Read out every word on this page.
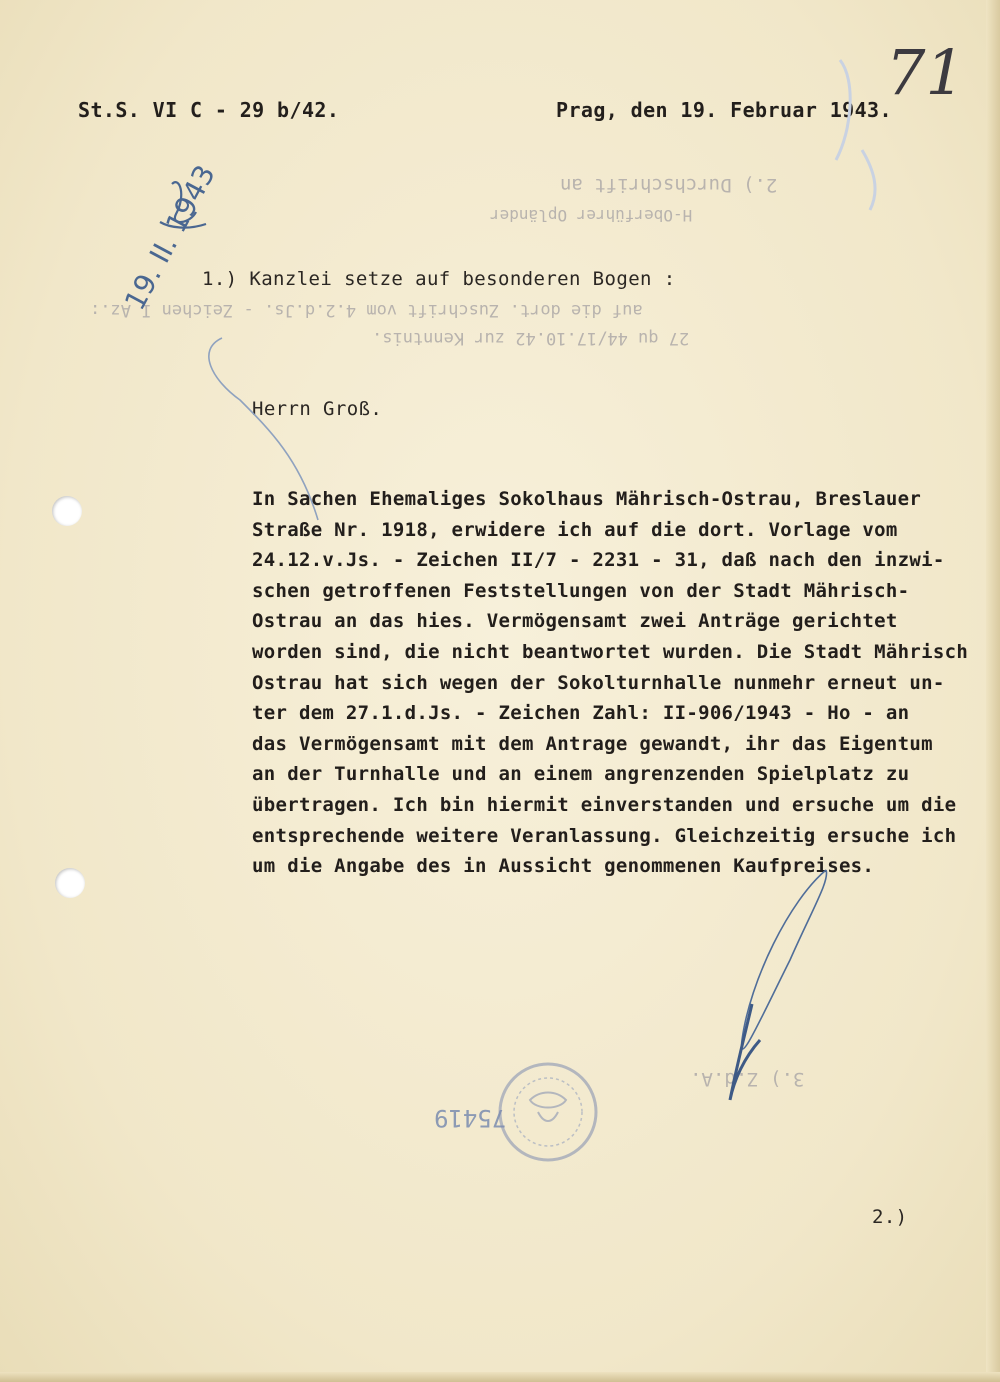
2.) Durchschrift an
H-Oberführer Opländer
auf die dort. Zuschrift vom 4.2.d.Js. - Zeichen I Az.:
27 qu 44/17.10.42 zur Kenntnis.
3.) Z.d.A.
75419
St.S. VI C - 29 b/42.	Prag, den 19. Februar 1943.
71
19. II. 1943
1.) Kanzlei setze auf besonderen Bogen :
Herrn Groß.
In Sachen Ehemaliges Sokolhaus Mährisch-Ostrau, Breslauer
Straße Nr. 1918, erwidere ich auf die dort. Vorlage vom
24.12.v.Js. - Zeichen II/7 - 2231 - 31, daß nach den inzwi-
schen getroffenen Feststellungen von der Stadt Mährisch-
Ostrau an das hies. Vermögensamt zwei Anträge gerichtet
worden sind, die nicht beantwortet wurden. Die Stadt Mährisch
Ostrau hat sich wegen der Sokolturnhalle nunmehr erneut un-
ter dem 27.1.d.Js. - Zeichen Zahl: II-906/1943 - Ho - an
das Vermögensamt mit dem Antrage gewandt, ihr das Eigentum
an der Turnhalle und an einem angrenzenden Spielplatz zu
übertragen. Ich bin hiermit einverstanden und ersuche um die
entsprechende weitere Veranlassung. Gleichzeitig ersuche ich
um die Angabe des in Aussicht genommenen Kaufpreises.
2.)
